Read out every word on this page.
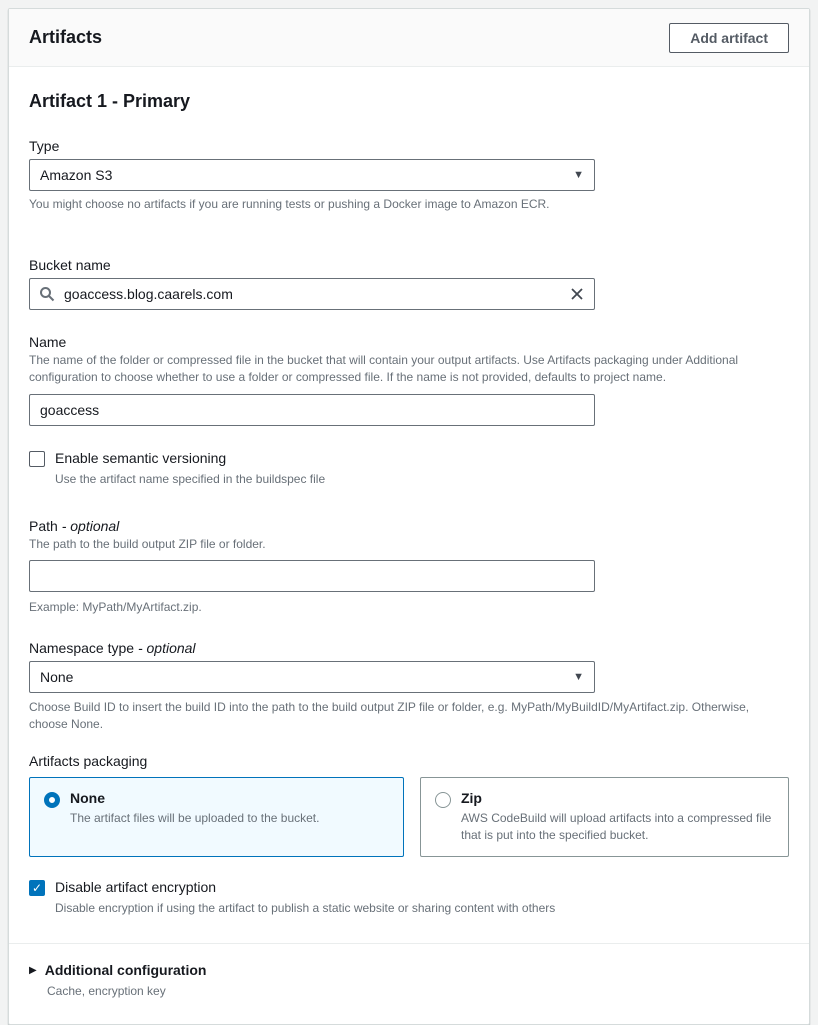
Artifacts	Add artifact
Artifact 1 - Primary
Type
Amazon S3	▼
You might choose no artifacts if you are running tests or pushing a Docker image to Amazon ECR.
Bucket name
goaccess.blog.caarels.com
Name
The name of the folder or compressed file in the bucket that will contain your output artifacts. Use Artifacts packaging under Additional configuration to choose whether to use a folder or compressed file. If the name is not provided, defaults to project name.
goaccess
Enable semantic versioning
Use the artifact name specified in the buildspec file
Path - optional
The path to the build output ZIP file or folder.
Example: MyPath/MyArtifact.zip.
Namespace type - optional
None	▼
Choose Build ID to insert the build ID into the path to the build output ZIP file or folder, e.g. MyPath/MyBuildID/MyArtifact.zip. Otherwise, choose None.
Artifacts packaging
None
The artifact files will be uploaded to the bucket.
Zip
AWS CodeBuild will upload artifacts into a compressed file that is put into the specified bucket.
✓ Disable artifact encryption
Disable encryption if using the artifact to publish a static website or sharing content with others
▶ Additional configuration
Cache, encryption key
